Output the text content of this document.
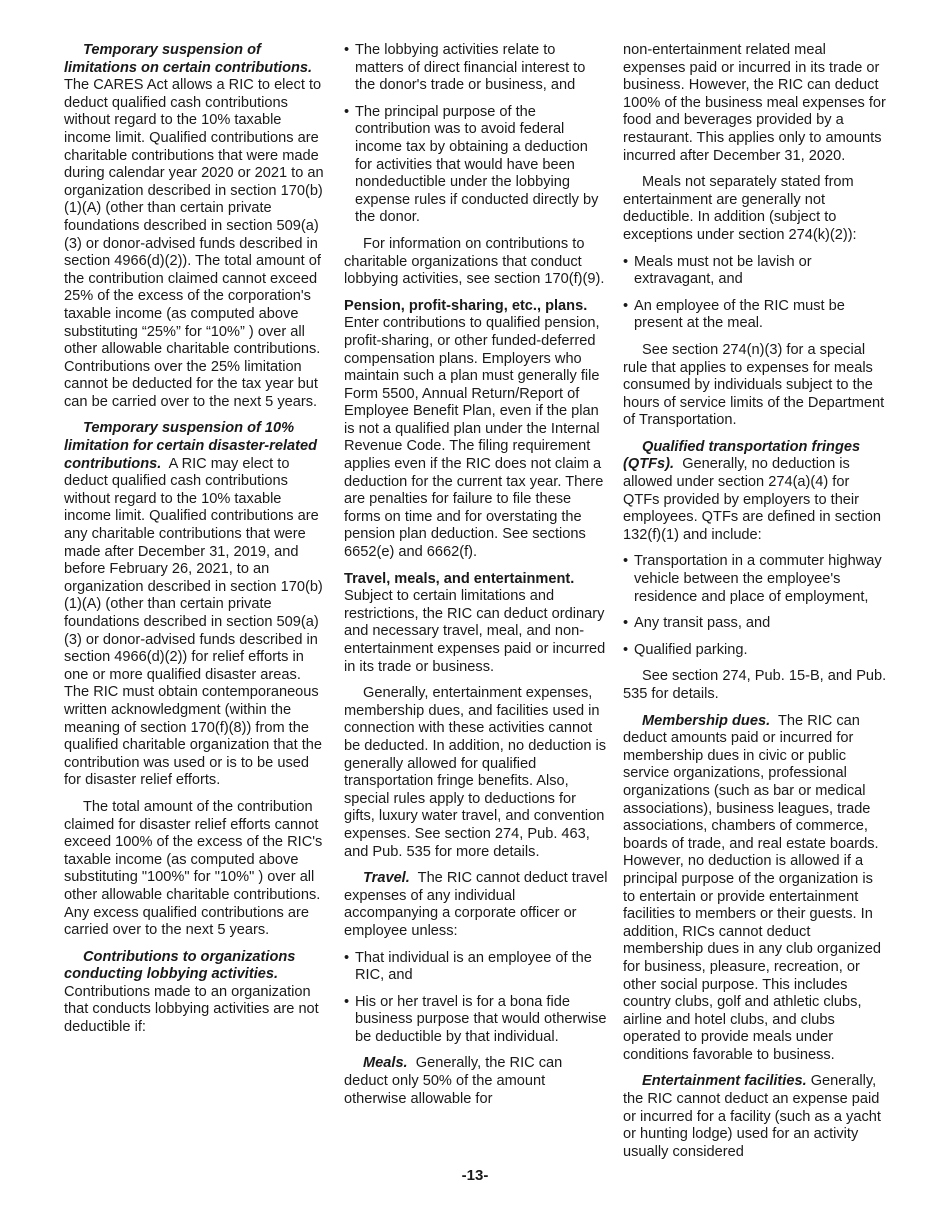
Temporary suspension of limitations on certain contributions.  The CARES Act allows a RIC to elect to deduct qualified cash contributions without regard to the 10% taxable income limit. Qualified contributions are charitable contributions that were made during calendar year 2020 or 2021 to an organization described in section 170(b)(1)(A) (other than certain private foundations described in section 509(a)(3) or donor-advised funds described in section 4966(d)(2)). The total amount of the contribution claimed cannot exceed 25% of the excess of the corporation's taxable income (as computed above substituting “25%” for “10%” ) over all other allowable charitable contributions. Contributions over the 25% limitation cannot be deducted for the tax year but can be carried over to the next 5 years.

Temporary suspension of 10% limitation for certain disaster-related contributions. A RIC may elect to deduct qualified cash contributions without regard to the 10% taxable income limit. Qualified contributions are any charitable contributions that were made after December 31, 2019, and before February 26, 2021, to an organization described in section 170(b)(1)(A) (other than certain private foundations described in section 509(a)(3) or donor-advised funds described in section 4966(d)(2)) for relief efforts in one or more qualified disaster areas. The RIC must obtain contemporaneous written acknowledgment (within the meaning of section 170(f)(8)) from the qualified charitable organization that the contribution was used or is to be used for disaster relief efforts.

The total amount of the contribution claimed for disaster relief efforts cannot exceed 100% of the excess of the RIC's taxable income (as computed above substituting "100%" for "10%" ) over all other allowable charitable contributions. Any excess qualified contributions are carried over to the next 5 years.

Contributions to organizations conducting lobbying activities. Contributions made to an organization that conducts lobbying activities are not deductible if:

• The lobbying activities relate to matters of direct financial interest to the donor's trade or business, and

• The principal purpose of the contribution was to avoid federal income tax by obtaining a deduction for activities that would have been nondeductible under the lobbying expense rules if conducted directly by the donor.

For information on contributions to charitable organizations that conduct lobbying activities, see section 170(f)(9).

Pension, profit-sharing, etc., plans. Enter contributions to qualified pension, profit-sharing, or other funded-deferred compensation plans. Employers who maintain such a plan must generally file Form 5500, Annual Return/Report of Employee Benefit Plan, even if the plan is not a qualified plan under the Internal Revenue Code. The filing requirement applies even if the RIC does not claim a deduction for the current tax year. There are penalties for failure to file these forms on time and for overstating the pension plan deduction. See sections 6652(e) and 6662(f).

Travel, meals, and entertainment. Subject to certain limitations and restrictions, the RIC can deduct ordinary and necessary travel, meal, and non-entertainment expenses paid or incurred in its trade or business.

Generally, entertainment expenses, membership dues, and facilities used in connection with these activities cannot be deducted. In addition, no deduction is generally allowed for qualified transportation fringe benefits. Also, special rules apply to deductions for gifts, luxury water travel, and convention expenses. See section 274, Pub. 463, and Pub. 535 for more details.

Travel. The RIC cannot deduct travel expenses of any individual accompanying a corporate officer or employee unless:

• That individual is an employee of the RIC, and

• His or her travel is for a bona fide business purpose that would otherwise be deductible by that individual.

Meals. Generally, the RIC can deduct only 50% of the amount otherwise allowable for

non-entertainment related meal expenses paid or incurred in its trade or business. However, the RIC can deduct 100% of the business meal expenses for food and beverages provided by a restaurant. This applies only to amounts incurred after December 31, 2020.

Meals not separately stated from entertainment are generally not deductible. In addition (subject to exceptions under section 274(k)(2)):

• Meals must not be lavish or extravagant, and

• An employee of the RIC must be present at the meal.

See section 274(n)(3) for a special rule that applies to expenses for meals consumed by individuals subject to the hours of service limits of the Department of Transportation.

Qualified transportation fringes (QTFs). Generally, no deduction is allowed under section 274(a)(4) for QTFs provided by employers to their employees. QTFs are defined in section 132(f)(1) and include:

• Transportation in a commuter highway vehicle between the employee's residence and place of employment,

• Any transit pass, and

• Qualified parking.

See section 274, Pub. 15-B, and Pub. 535 for details.

Membership dues. The RIC can deduct amounts paid or incurred for membership dues in civic or public service organizations, professional organizations (such as bar or medical associations), business leagues, trade associations, chambers of commerce, boards of trade, and real estate boards. However, no deduction is allowed if a principal purpose of the organization is to entertain or provide entertainment facilities to members or their guests. In addition, RICs cannot deduct membership dues in any club organized for business, pleasure, recreation, or other social purpose. This includes country clubs, golf and athletic clubs, airline and hotel clubs, and clubs operated to provide meals under conditions favorable to business.

Entertainment facilities. Generally, the RIC cannot deduct an expense paid or incurred for a facility (such as a yacht or hunting lodge) used for an activity usually considered

-13-
